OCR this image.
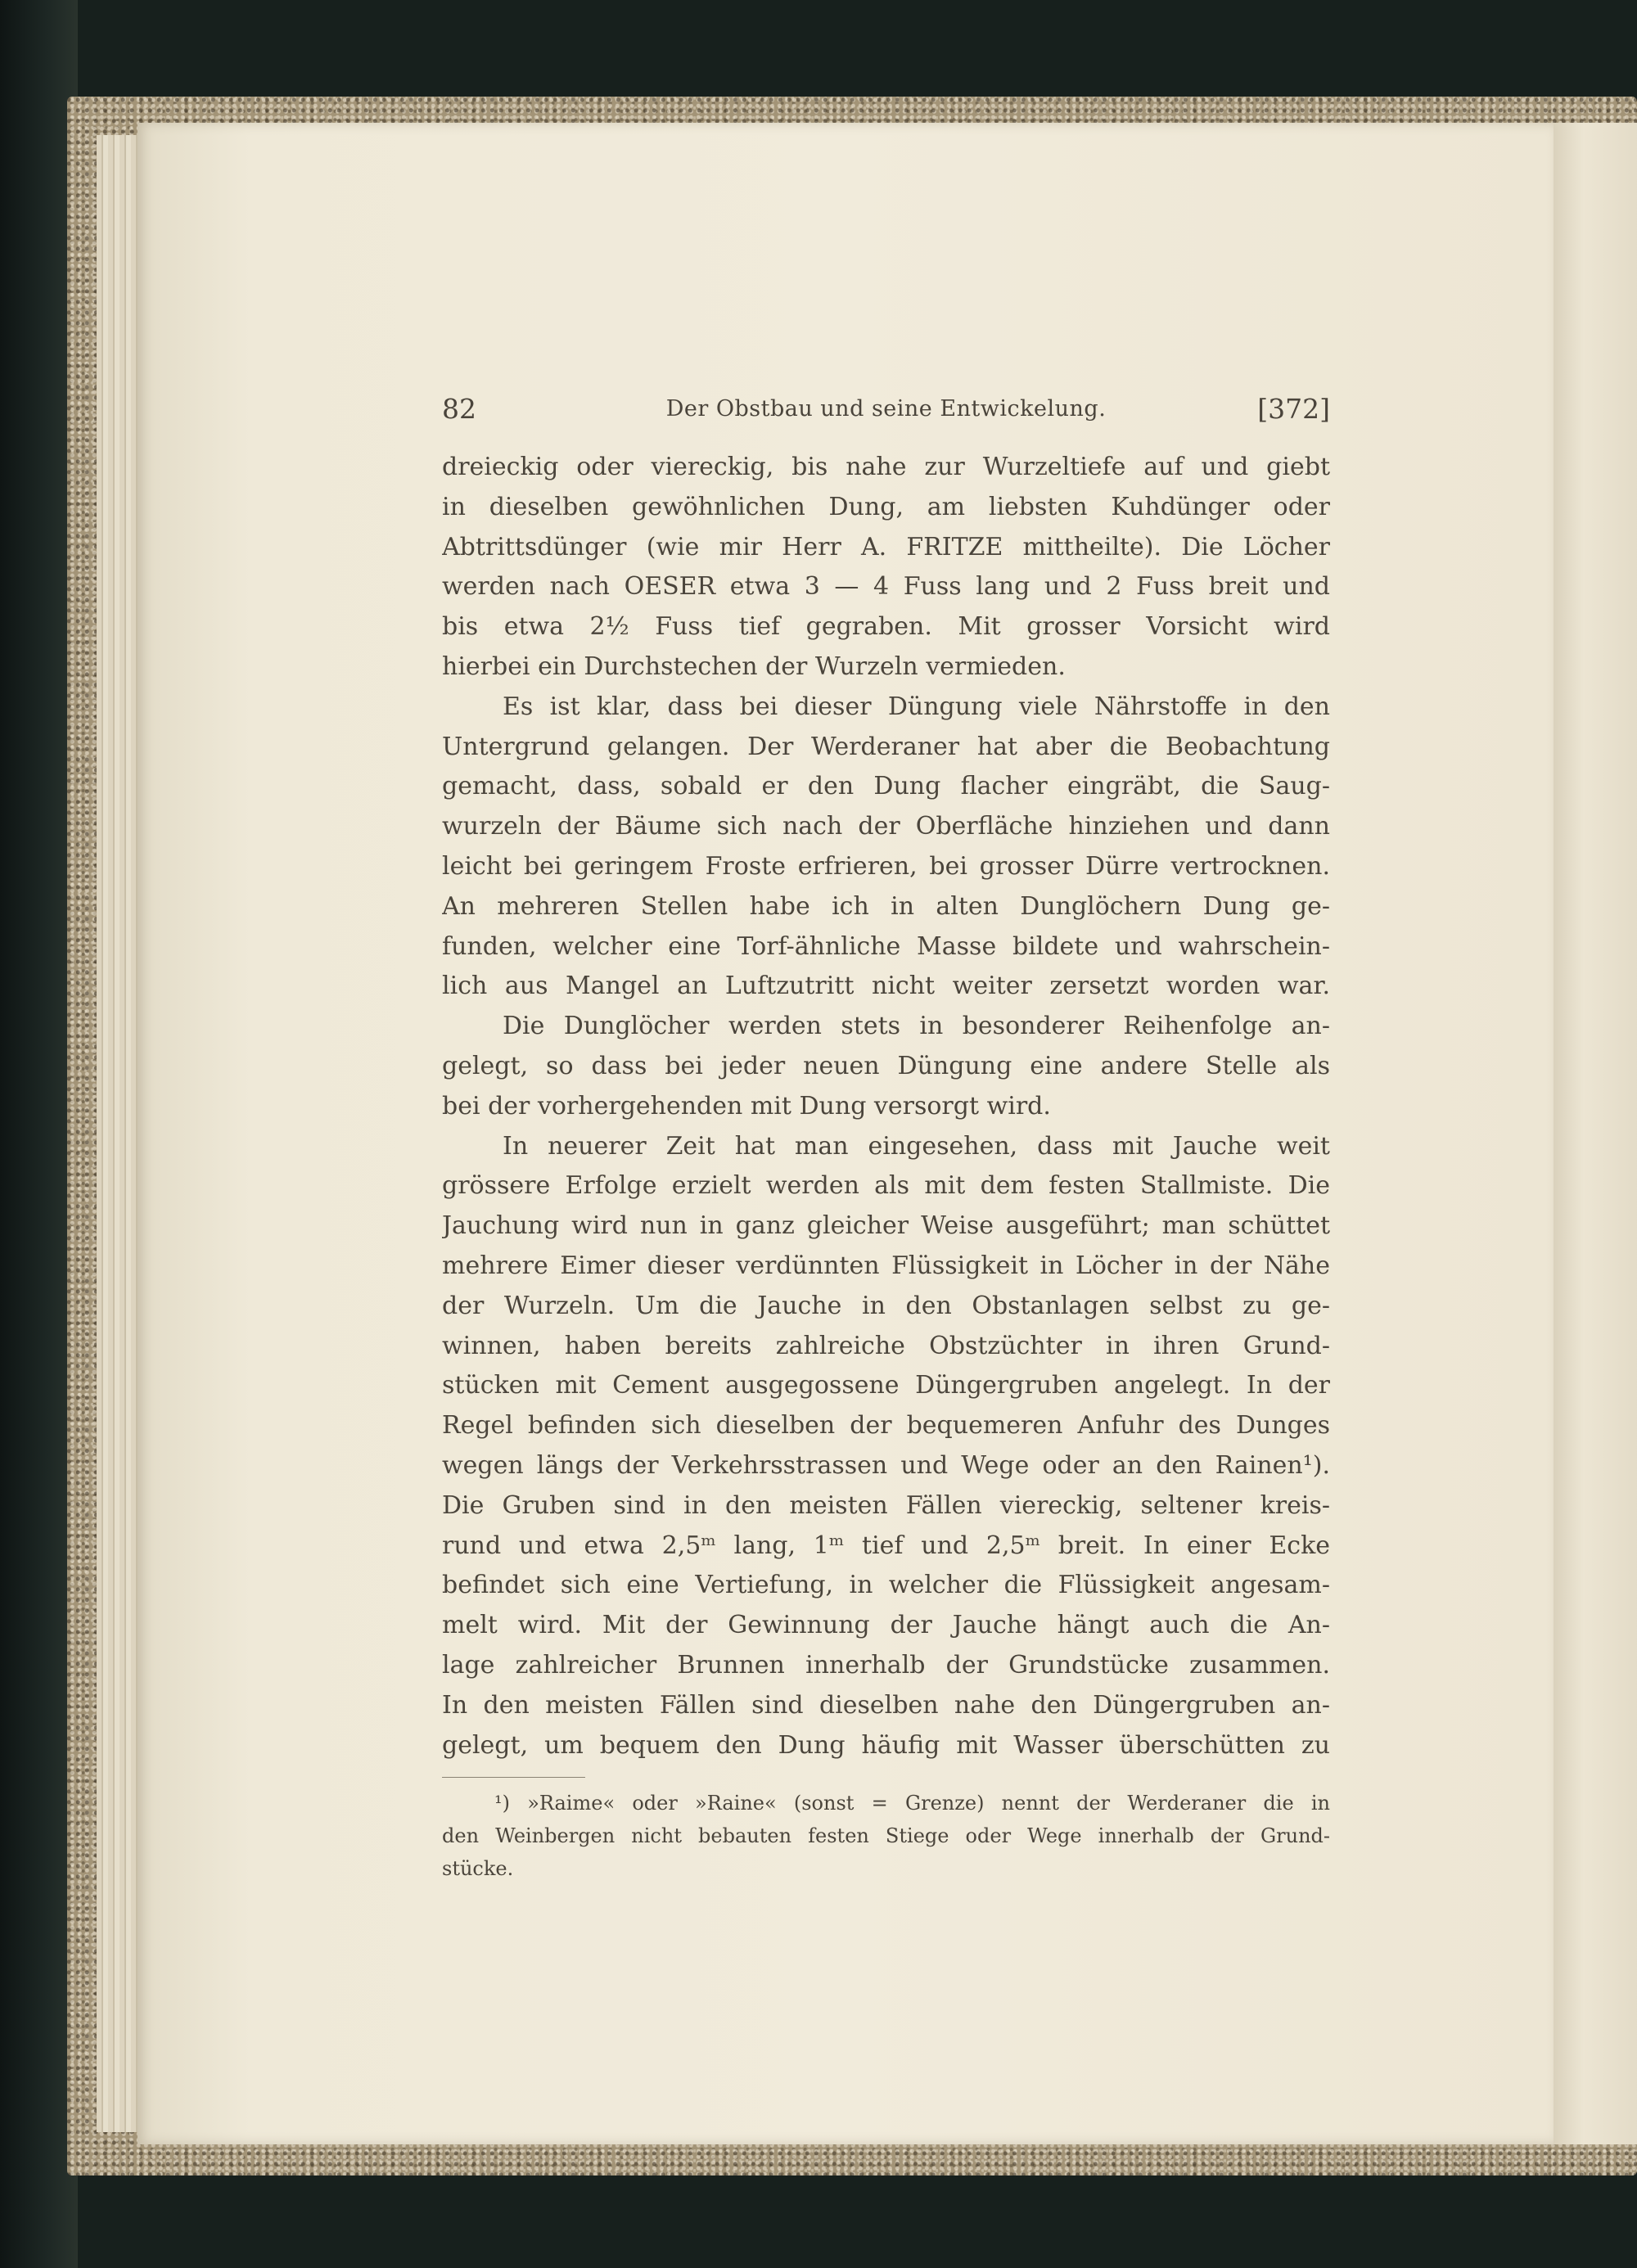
82	Der Obstbau und seine Entwickelung.	[372]
dreieckig oder viereckig, bis nahe zur Wurzeltiefe auf und giebt
in dieselben gewöhnlichen Dung, am liebsten Kuhdünger oder
Abtrittsdünger (wie mir Herr A. FRITZE mittheilte). Die Löcher
werden nach OESER etwa 3 — 4 Fuss lang und 2 Fuss breit und
bis etwa 2½ Fuss tief gegraben. Mit grosser Vorsicht wird
hierbei ein Durchstechen der Wurzeln vermieden.
Es ist klar, dass bei dieser Düngung viele Nährstoffe in den
Untergrund gelangen. Der Werderaner hat aber die Beobachtung
gemacht, dass, sobald er den Dung flacher eingräbt, die Saug-
wurzeln der Bäume sich nach der Oberfläche hinziehen und dann
leicht bei geringem Froste erfrieren, bei grosser Dürre vertrocknen.
An mehreren Stellen habe ich in alten Dunglöchern Dung ge-
funden, welcher eine Torf-ähnliche Masse bildete und wahrschein-
lich aus Mangel an Luftzutritt nicht weiter zersetzt worden war.
Die Dunglöcher werden stets in besonderer Reihenfolge an-
gelegt, so dass bei jeder neuen Düngung eine andere Stelle als
bei der vorhergehenden mit Dung versorgt wird.
In neuerer Zeit hat man eingesehen, dass mit Jauche weit
grössere Erfolge erzielt werden als mit dem festen Stallmiste. Die
Jauchung wird nun in ganz gleicher Weise ausgeführt; man schüttet
mehrere Eimer dieser verdünnten Flüssigkeit in Löcher in der Nähe
der Wurzeln. Um die Jauche in den Obstanlagen selbst zu ge-
winnen, haben bereits zahlreiche Obstzüchter in ihren Grund-
stücken mit Cement ausgegossene Düngergruben angelegt. In der
Regel befinden sich dieselben der bequemeren Anfuhr des Dunges
wegen längs der Verkehrsstrassen und Wege oder an den Rainen¹).
Die Gruben sind in den meisten Fällen viereckig, seltener kreis-
rund und etwa 2,5ᵐ lang, 1ᵐ tief und 2,5ᵐ breit. In einer Ecke
befindet sich eine Vertiefung, in welcher die Flüssigkeit angesam-
melt wird. Mit der Gewinnung der Jauche hängt auch die An-
lage zahlreicher Brunnen innerhalb der Grundstücke zusammen.
In den meisten Fällen sind dieselben nahe den Düngergruben an-
gelegt, um bequem den Dung häufig mit Wasser überschütten zu
¹) »Raime« oder »Raine« (sonst = Grenze) nennt der Werderaner die in
den Weinbergen nicht bebauten festen Stiege oder Wege innerhalb der Grund-
stücke.
